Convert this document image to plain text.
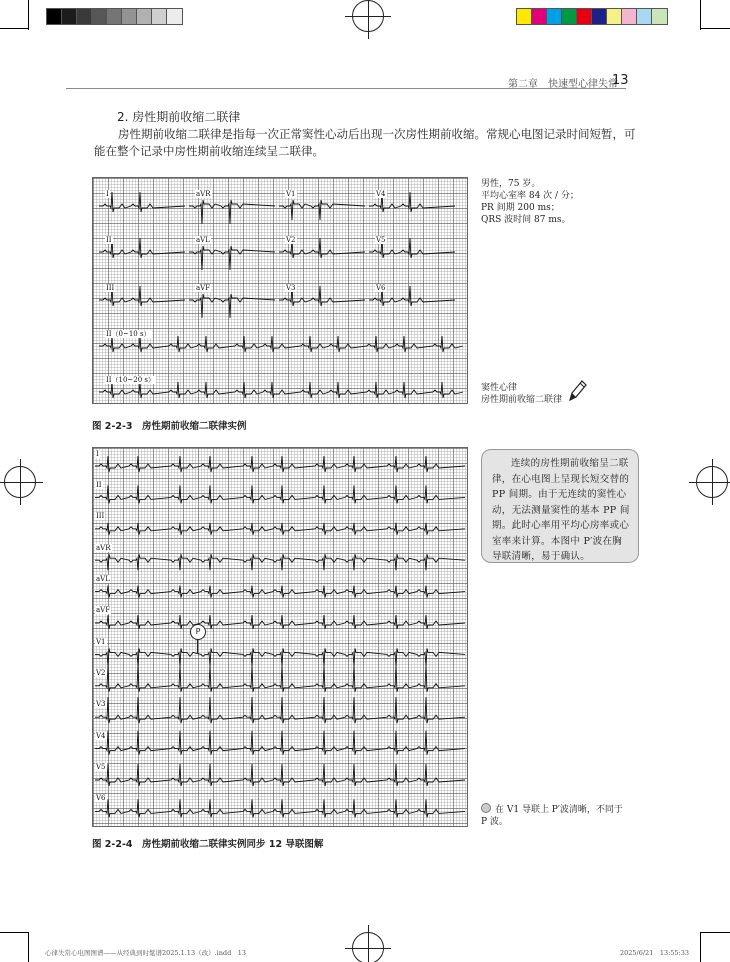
第二章　快速型心律失常
13
2. 房性期前收缩二联律
房性期前收缩二联律是指每一次正常窦性心动后出现一次房性期前收缩。常规心电图记录时间短暂，可能在整个记录中房性期前收缩连续呈二联律。
I	aVR	V1	V4
II	aVL	V2	V5
III	aVF	V3	V6
II（0~10 s）
II（10~20 s）
男性，75 岁。
平均心室率 84 次 / 分；
PR 间期 200 ms；
QRS 波时间 87 ms。
窦性心律
房性期前收缩二联律
图 2-2-3　房性期前收缩二联律实例
I
II
III
aVR
aVL
aVF
V1
V2
V3
V4
V5
V6
P

连续的房性期前收缩呈二联律，在心电图上呈现长短交替的 PP 间期。由于无连续的窦性心动，无法测量窦性的基本 PP 间期。此时心率用平均心房率或心室率来计算。本图中 P′波在胸导联清晰，易于确认。

在 V1 导联上 P′波清晰，不同于 P 波。
图 2-2-4　房性期前收缩二联律实例同步 12 导联图解
心律失常心电图图谱——从经典到时髦谱2025.1.13（改）.indd　13	2025/6/21　13:55:33
